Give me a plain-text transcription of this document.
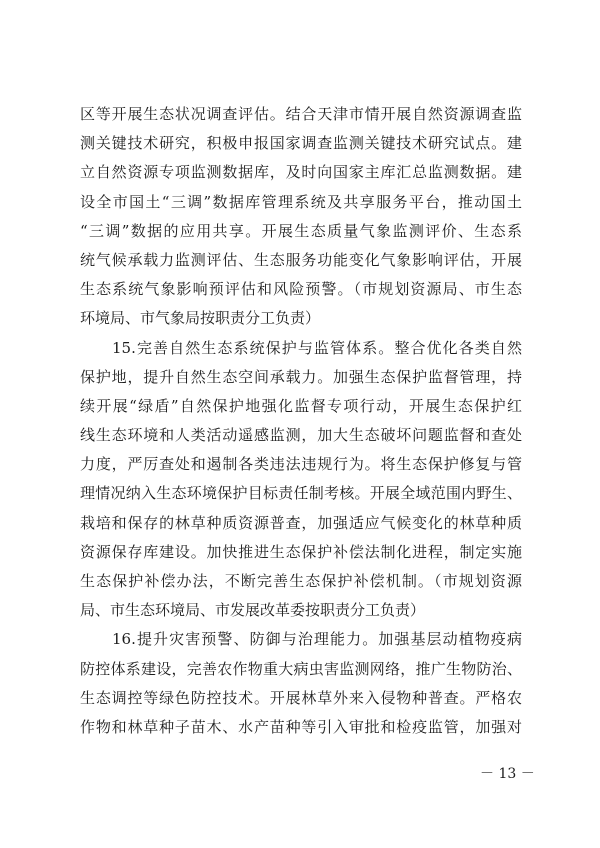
区等开展生态状况调查评估。结合天津市情开展自然资源调查监
测关键技术研究，积极申报国家调查监测关键技术研究试点。建
立自然资源专项监测数据库，及时向国家主库汇总监测数据。建
设全市国土“三调”数据库管理系统及共享服务平台，推动国土
“三调”数据的应用共享。开展生态质量气象监测评价、生态系
统气候承载力监测评估、生态服务功能变化气象影响评估，开展
生态系统气象影响预评估和风险预警。（市规划资源局、市生态
环境局、市气象局按职责分工负责）
15.完善自然生态系统保护与监管体系。整合优化各类自然
保护地，提升自然生态空间承载力。加强生态保护监督管理，持
续开展“绿盾”自然保护地强化监督专项行动，开展生态保护红
线生态环境和人类活动遥感监测，加大生态破坏问题监督和查处
力度，严厉查处和遏制各类违法违规行为。将生态保护修复与管
理情况纳入生态环境保护目标责任制考核。开展全域范围内野生、
栽培和保存的林草种质资源普查，加强适应气候变化的林草种质
资源保存库建设。加快推进生态保护补偿法制化进程，制定实施
生态保护补偿办法，不断完善生态保护补偿机制。（市规划资源
局、市生态环境局、市发展改革委按职责分工负责）
16.提升灾害预警、防御与治理能力。加强基层动植物疫病
防控体系建设，完善农作物重大病虫害监测网络，推广生物防治、
生态调控等绿色防控技术。开展林草外来入侵物种普查。严格农
作物和林草种子苗木、水产苗种等引入审批和检疫监管，加强对
－ 13 －
